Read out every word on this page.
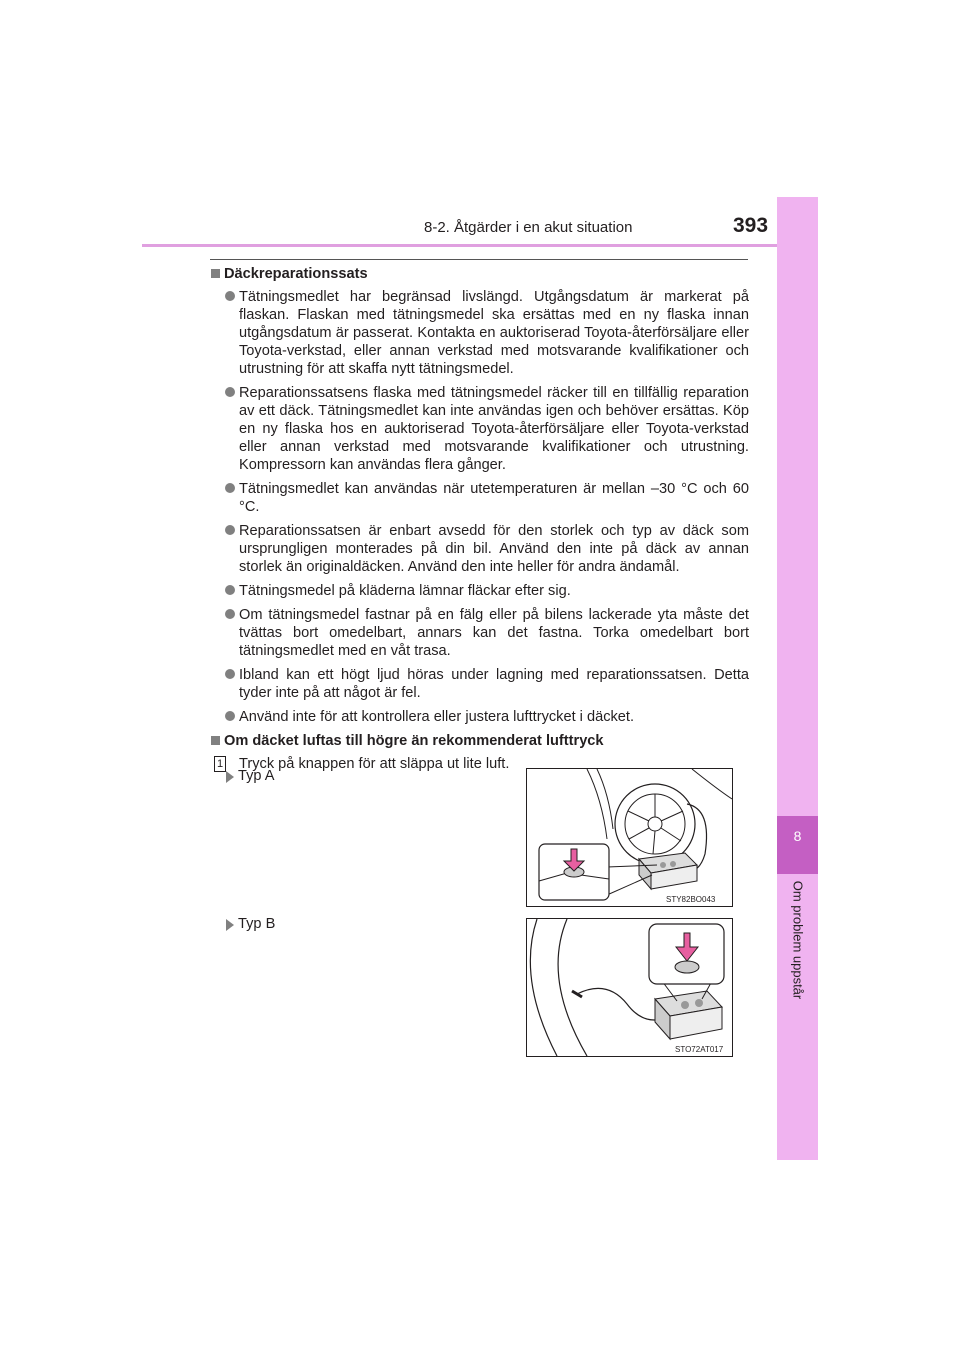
8-2. Åtgärder i en akut situation	393
8
Om problem uppstår
Däckreparationssats
Tätningsmedlet har begränsad livslängd. Utgångsdatum är markerat på flaskan. Flaskan med tätningsmedel ska ersättas med en ny flaska innan utgångsdatum är passerat. Kontakta en auktoriserad Toyota-återförsäljare eller Toyota-verkstad, eller annan verkstad med motsvarande kvalifikationer och utrustning för att skaffa nytt tätningsmedel.
Reparationssatsens flaska med tätningsmedel räcker till en tillfällig reparation av ett däck. Tätningsmedlet kan inte användas igen och behöver ersättas. Köp en ny flaska hos en auktoriserad Toyota-återförsäljare eller Toyota-verkstad eller annan verkstad med motsvarande kvalifikationer och utrustning. Kompressorn kan användas flera gånger.
Tätningsmedlet kan användas när utetemperaturen är mellan –30 °C och 60 °C.
Reparationssatsen är enbart avsedd för den storlek och typ av däck som ursprungligen monterades på din bil. Använd den inte på däck av annan storlek än originaldäcken. Använd den inte heller för andra ändamål.
Tätningsmedel på kläderna lämnar fläckar efter sig.
Om tätningsmedel fastnar på en fälg eller på bilens lackerade yta måste det tvättas bort omedelbart, annars kan det fastna. Torka omedelbart bort tätningsmedlet med en våt trasa.
Ibland kan ett högt ljud höras under lagning med reparationssatsen. Detta tyder inte på att något är fel.
Använd inte för att kontrollera eller justera lufttrycket i däcket.
Om däcket luftas till högre än rekommenderat lufttryck
1 Tryck på knappen för att släppa ut lite luft.
Typ A
Typ B
STY82BO043
STO72AT017
